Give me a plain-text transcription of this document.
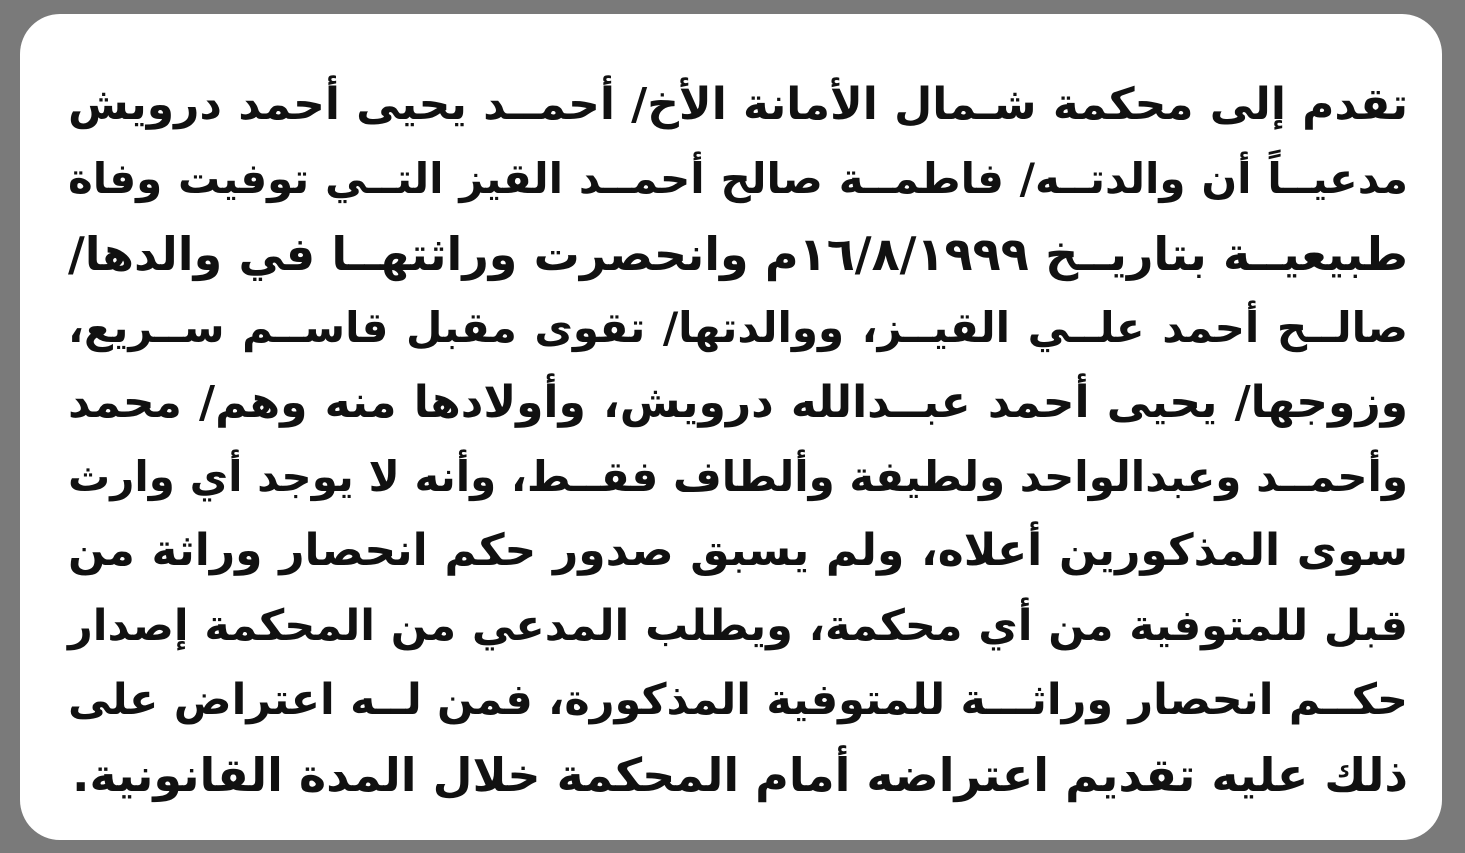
تقدم إلى محكمة شـمال الأمانة الأخ/ أحمــد يحيى أحمد درويش
مدعيــاً أن والدتــه/ فاطمــة صالح أحمــد القيز التــي توفيت وفاة
طبيعيــة بتاريــخ ١٦/٨/١٩٩٩م وانحصرت وراثتهــا في والدها/
صالــح أحمد علــي القيــز، ووالدتها/ تقوى مقبل قاســم ســريع،
وزوجها/ يحيى أحمد عبــدالله درويش، وأولادها منه وهم/ محمد
وأحمــد وعبدالواحد ولطيفة وألطاف فقــط، وأنه لا يوجد أي وارث
سوى المذكورين أعلاه، ولم يسبق صدور حكم انحصار وراثة من
قبل للمتوفية من أي محكمة، ويطلب المدعي من المحكمة إصدار
حكــم انحصار وراثـــة للمتوفية المذكورة، فمن لــه اعتراض على
ذلك عليه تقديم اعتراضه أمام المحكمة خلال المدة القانونية.
